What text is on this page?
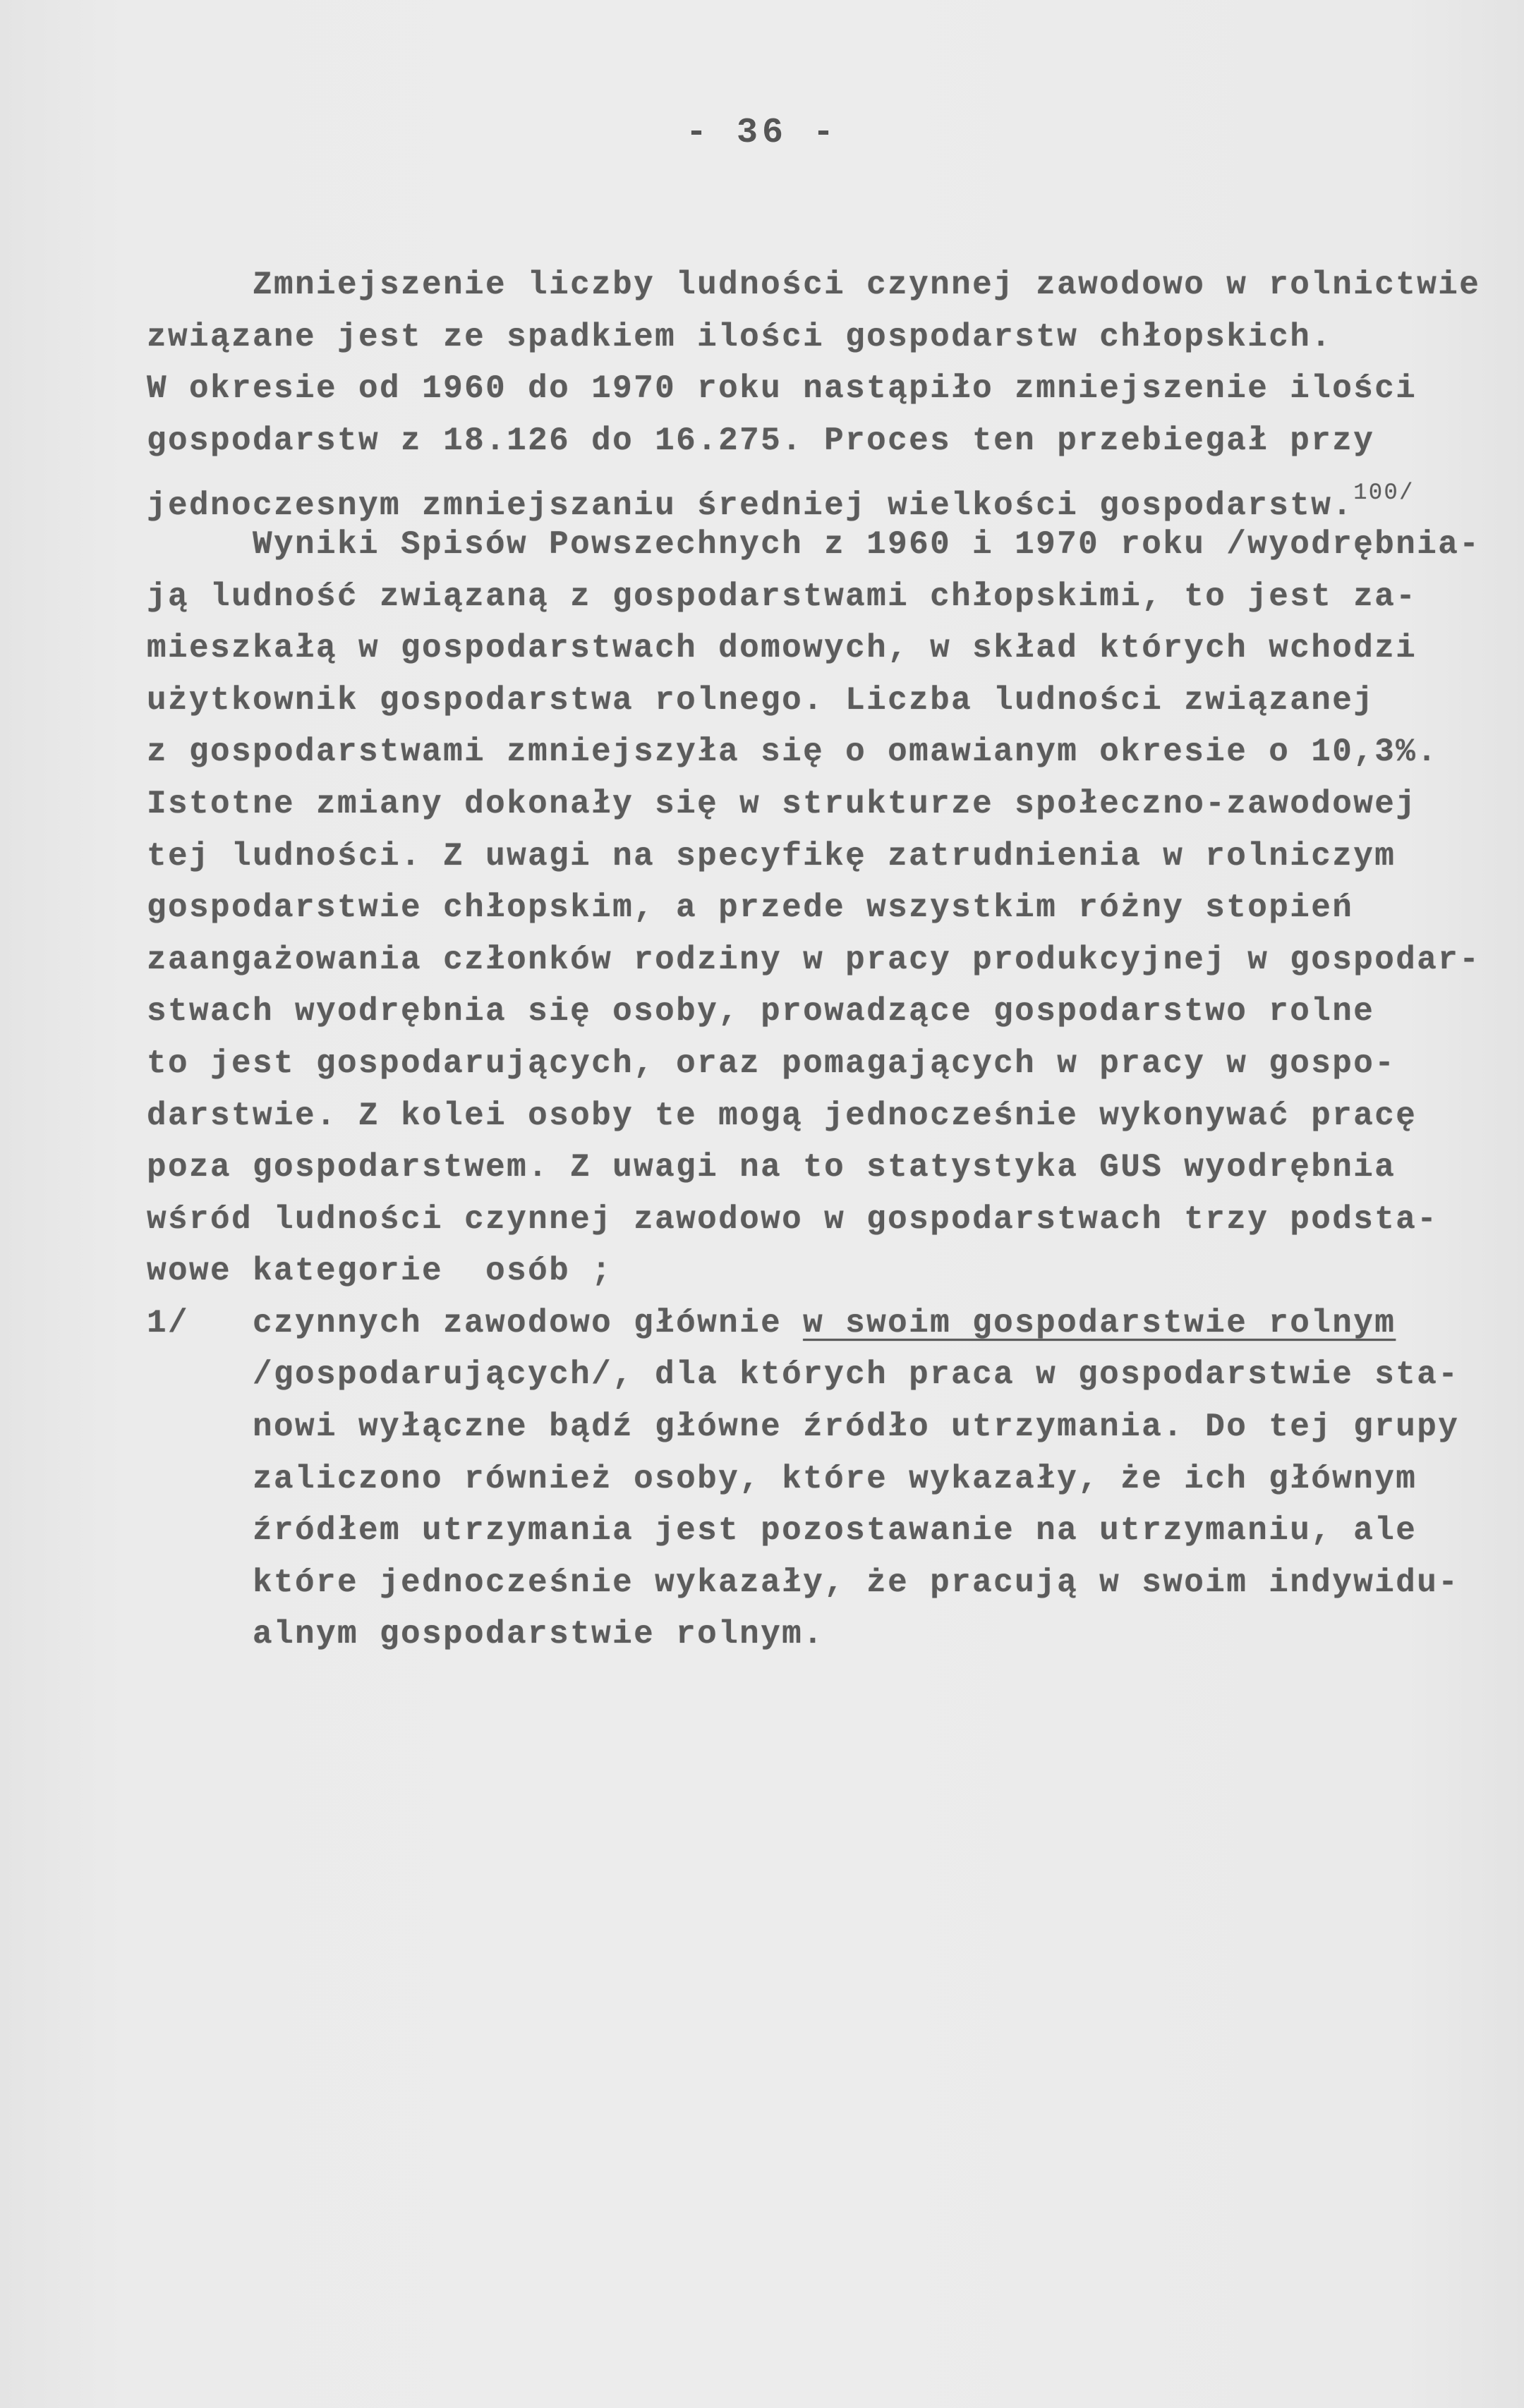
- 36 -
Zmniejszenie liczby ludności czynnej zawodowo w rolnictwie
związane jest ze spadkiem ilości gospodarstw chłopskich.
W okresie od 1960 do 1970 roku nastąpiło zmniejszenie ilości
gospodarstw z 18.126 do 16.275. Proces ten przebiegał przy
jednoczesnym zmniejszaniu średniej wielkości gospodarstw.$^{100/}$
Wyniki Spisów Powszechnych z 1960 i 1970 roku /wyodrębnia-
ją ludność związaną z gospodarstwami chłopskimi, to jest za-
mieszkałą w gospodarstwach domowych, w skład których wchodzi
użytkownik gospodarstwa rolnego. Liczba ludności związanej
z gospodarstwami zmniejszyła się o omawianym okresie o 10,3%.
Istotne zmiany dokonały się w strukturze społeczno-zawodowej
tej ludności. Z uwagi na specyfikę zatrudnienia w rolniczym
gospodarstwie chłopskim, a przede wszystkim różny stopień
zaangażowania członków rodziny w pracy produkcyjnej w gospodar-
stwach wyodrębnia się osoby, prowadzące gospodarstwo rolne
to jest gospodarujących, oraz pomagających w pracy w gospo-
darstwie. Z kolei osoby te mogą jednocześnie wykonywać pracę
poza gospodarstwem. Z uwagi na to statystyka GUS wyodrębnia
wśród ludności czynnej zawodowo w gospodarstwach trzy podsta-
wowe kategorie  osób ;
1/ czynnych zawodowo głównie w swoim gospodarstwie rolnym
/gospodarujących/, dla których praca w gospodarstwie sta-
nowi wyłączne bądź główne źródło utrzymania. Do tej grupy
zaliczono również osoby, które wykazały, że ich głównym
źródłem utrzymania jest pozostawanie na utrzymaniu, ale
które jednocześnie wykazały, że pracują w swoim indywidu-
alnym gospodarstwie rolnym.
